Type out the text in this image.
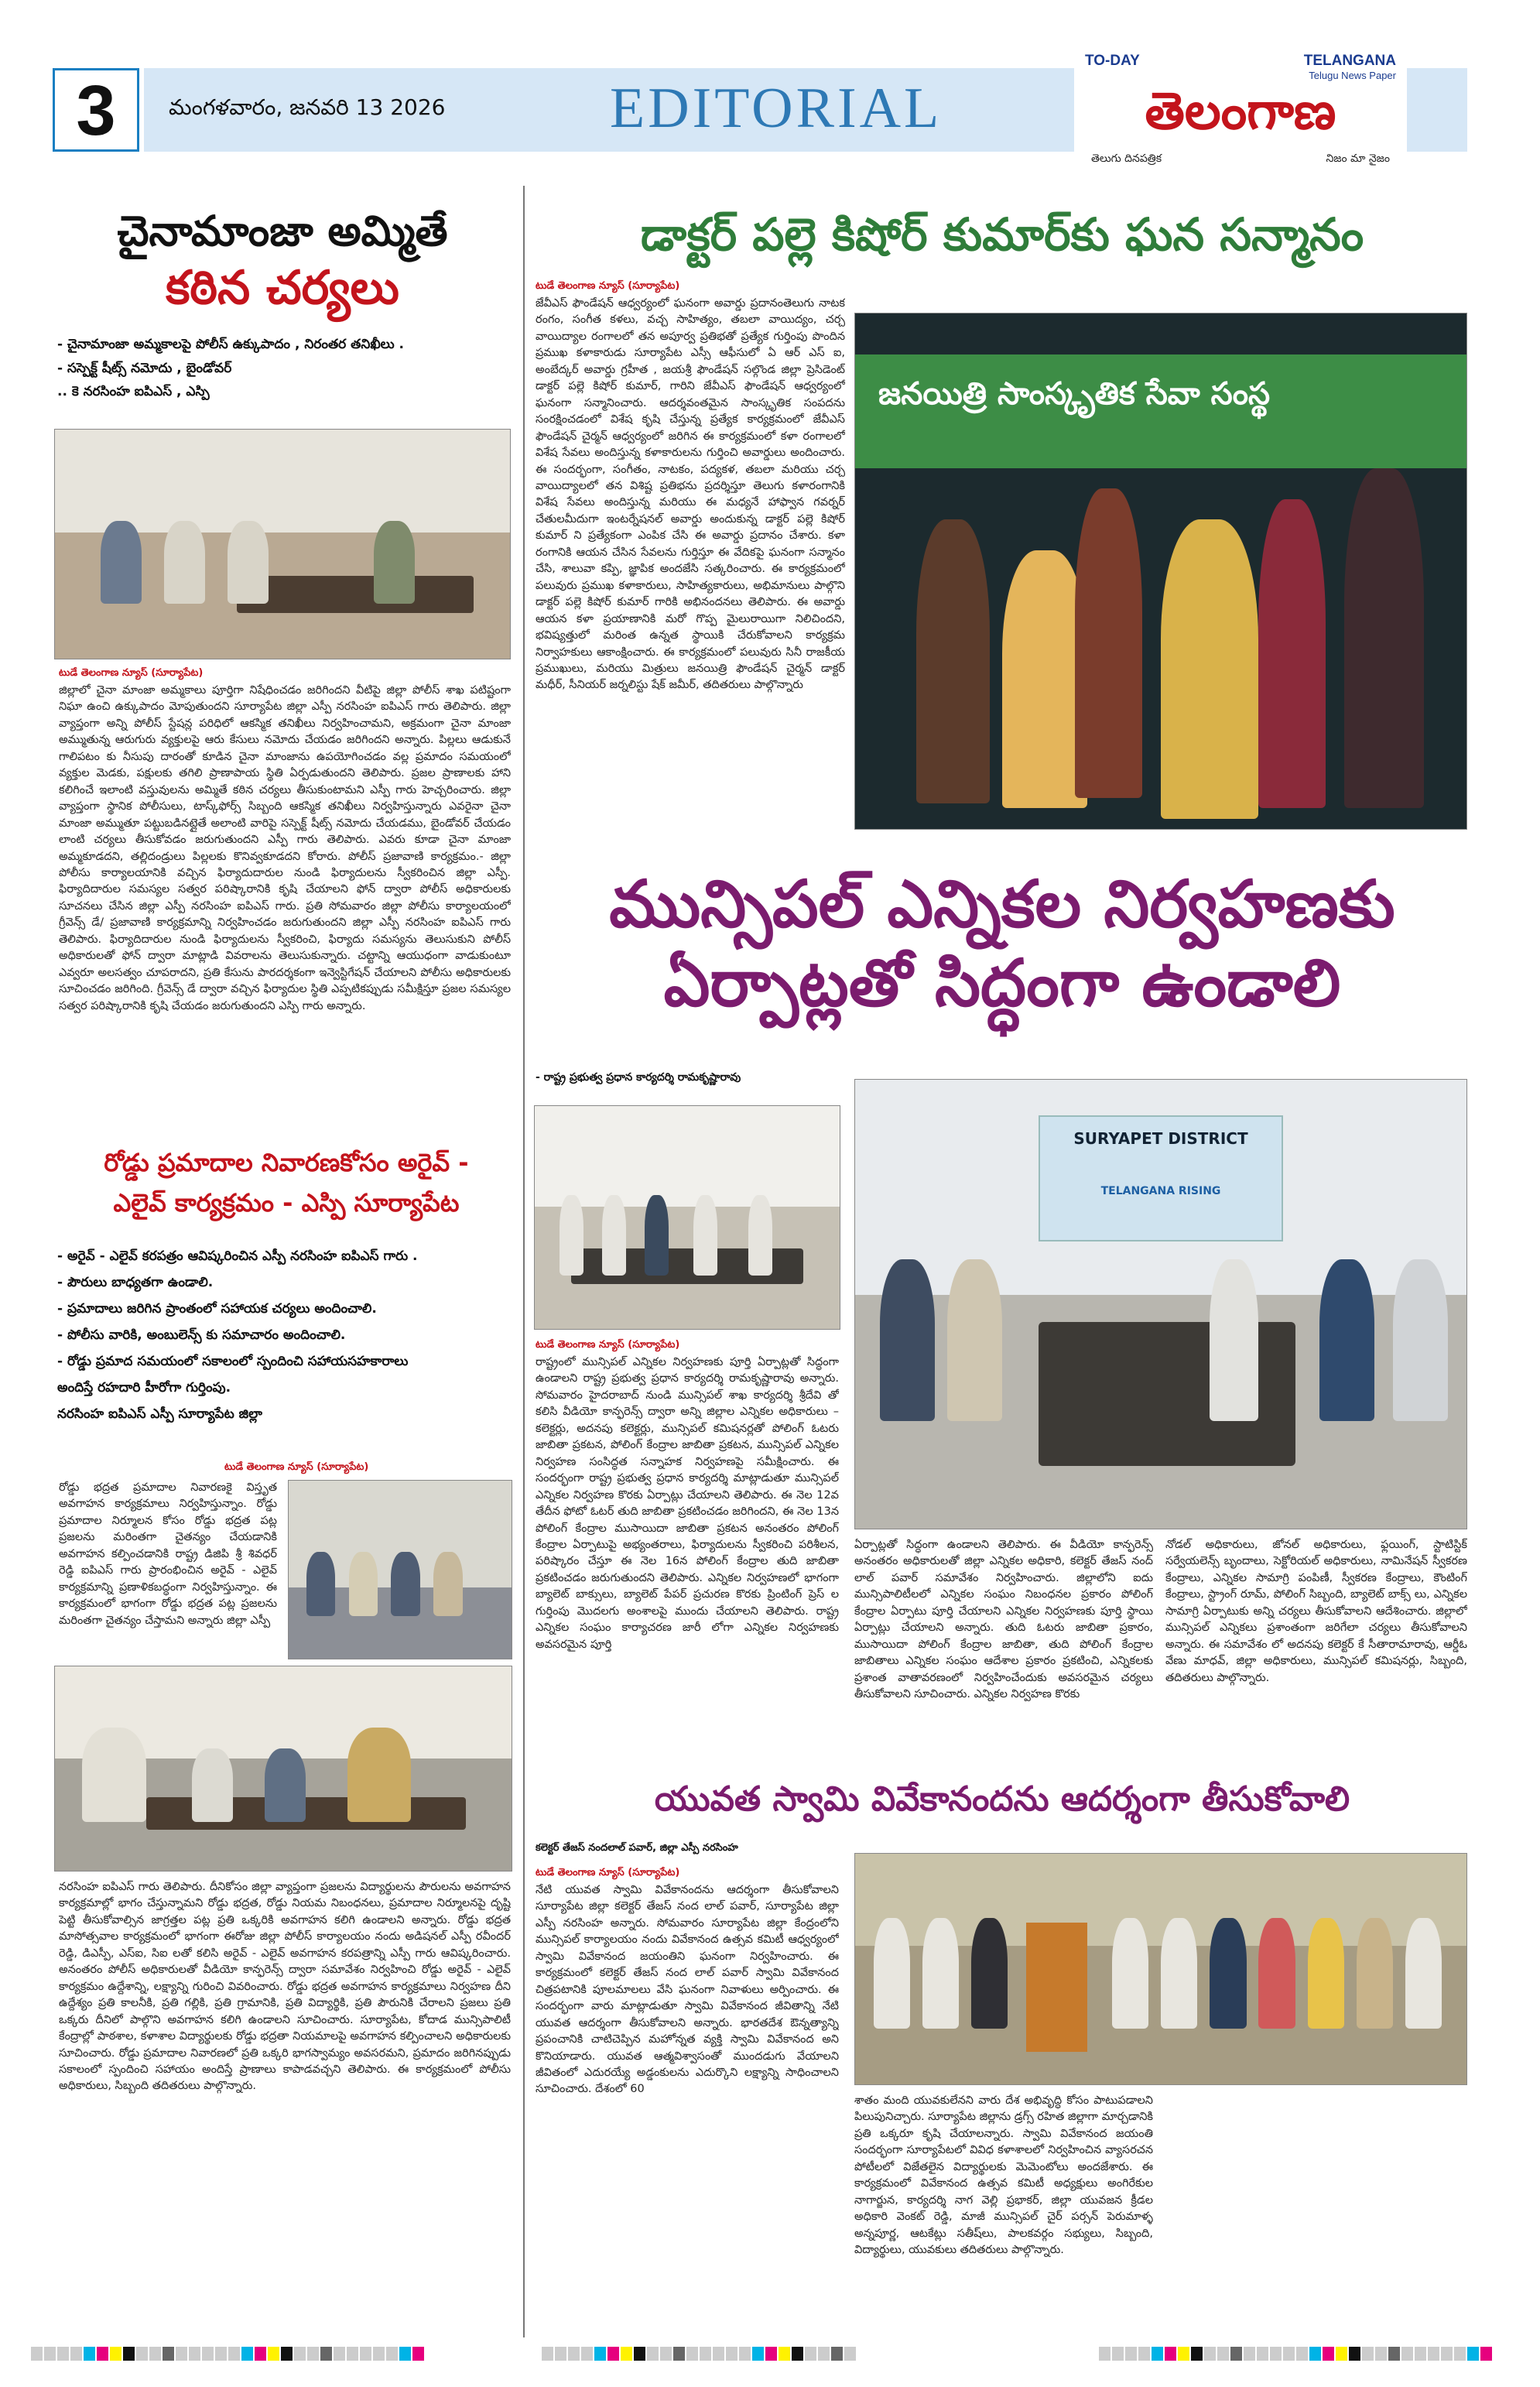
3	మంగళవారం, జనవరి 13 2026	EDITORIAL
TO-DAY	TELANGANA
Telugu News Paper
తెలంగాణ
తెలుగు దినపత్రిక	నిజం మా నైజం
చైనామాంజా అమ్మితే
కఠిన చర్యలు
- చైనామాంజా అమ్మకాలపై పోలీస్ ఉక్కుపాదం , నిరంతర తనిఖీలు .
- సస్పెక్ట్ షీట్స్ నమోదు , బైండోవర్
.. కె నరసింహ ఐపిఎస్ , ఎస్పి
టుడే తెలంగాణ న్యూస్ (సూర్యాపేట)
జిల్లాలో చైనా మాంజా అమ్మకాలు పూర్తిగా నిషేధించడం జరిగిందని వీటిపై జిల్లా పోలీస్ శాఖ పటిష్టంగా నిఘా ఉంచి ఉక్కుపాదం మోపుతుందని సూర్యాపేట జిల్లా ఎస్పీ నరసింహ ఐపిఎస్ గారు తెలిపారు. జిల్లా వ్యాప్తంగా అన్ని పోలీస్ స్టేషన్ల పరిధిలో ఆకస్మిక తనిఖీలు నిర్వహించామని, అక్రమంగా చైనా మాంజా అమ్ముతున్న ఆరుగురు వ్యక్తులపై ఆరు కేసులు నమోదు చేయడం జరిగిందని అన్నారు. పిల్లలు ఆడుకునే గాలిపటం కు నీసుపు దారంతో కూడిన చైనా మాంజాను ఉపయోగించడం వల్ల ప్రమాదం సమయంలో వ్యక్తుల మెడకు, పక్షులకు తగిలి ప్రాణాపాయ స్థితి ఏర్పడుతుందని తెలిపారు. ప్రజల ప్రాణాలకు హాని కలిగించే ఇలాంటి వస్తువులను అమ్మితే కఠిన చర్యలు తీసుకుంటామని ఎస్పీ గారు హెచ్చరించారు. జిల్లా వ్యాప్తంగా స్థానిక పోలీసులు, టాస్క్‌ఫోర్స్ సిబ్బంది ఆకస్మిక తనిఖీలు నిర్వహిస్తున్నారు ఎవరైనా చైనా మాంజా అమ్ముతూ పట్టుబడినట్లైతే అలాంటి వారిపై సస్పెక్ట్ షీట్స్ నమోదు చేయడము, బైండోవర్ చేయడం లాంటి చర్యలు తీసుకోవడం జరుగుతుందని ఎస్పీ గారు తెలిపారు. ఎవరు కూడా చైనా మాంజా అమ్మకూడదని, తల్లిదండ్రులు పిల్లలకు కొనివ్వకూడదని కోరారు. పోలీస్ ప్రజావాణి కార్యక్రమం.- జిల్లా పోలీసు కార్యాలయానికి వచ్చిన ఫిర్యాదుదారుల నుండి ఫిర్యాదులను స్వీకరించిన జిల్లా ఎస్పీ. ఫిర్యాదిదారుల సమస్యల సత్వర పరిష్కారానికి కృషి చేయాలని ఫోన్ ద్వారా పోలీస్ అధికారులకు సూచనలు చేసిన జిల్లా ఎస్పీ నరసింహ ఐపిఎస్ గారు. ప్రతి సోమవారం జిల్లా పోలీసు కార్యాలయంలో గ్రీవెన్స్ డే/ ప్రజావాణి కార్యక్రమాన్ని నిర్వహించడం జరుగుతుందని జిల్లా ఎస్పీ నరసింహ ఐపిఎస్ గారు తెలిపారు. ఫిర్యాదిదారుల నుండి ఫిర్యాదులను స్వీకరించి, ఫిర్యాదు సమస్యను తెలుసుకుని పోలీస్ అధికారులతో ఫోన్ ద్వారా మాట్లాడి వివరాలను తెలుసుకున్నారు. చట్టాన్ని ఆయుధంగా వాడుకుంటూ ఎవ్వరూ అలసత్వం చూపరాదని, ప్రతి కేసును పారదర్శకంగా ఇన్వెస్టిగేషన్ చేయాలని పోలీసు అధికారులకు సూచించడం జరిగింది. గ్రీవెన్స్ డే ద్వారా వచ్చిన ఫిర్యాదుల స్థితి ఎప్పటికప్పుడు సమీక్షిస్తూ ప్రజల సమస్యల సత్వర పరిష్కారానికి కృషి చేయడం జరుగుతుందని ఎస్పి గారు అన్నారు.
రోడ్డు ప్రమాదాల నివారణకోసం అరైవ్ -
ఎలైవ్ కార్యక్రమం - ఎస్పి సూర్యాపేట
- అరైవ్ - ఎలైవ్ కరపత్రం ఆవిష్కరించిన ఎస్పీ నరసింహ ఐపిఎస్ గారు .
- పౌరులు బాధ్యతగా ఉండాలి.
- ప్రమాదాలు జరిగిన ప్రాంతంలో సహాయక చర్యలు అందించాలి.
- పోలీసు వారికి, అంబులెన్స్ కు సమాచారం అందించాలి.
- రోడ్డు ప్రమాద సమయంలో సకాలంలో స్పందించి సహాయసహకారాలు
అందిస్తే రహదారి హీరోగా గుర్తింపు.
నరసింహ ఐపిఎస్ ఎస్పీ సూర్యాపేట జిల్లా
టుడే తెలంగాణ న్యూస్ (సూర్యాపేట)
రోడ్డు భద్రత ప్రమాదాల నివారణకై విస్తృత అవగాహన కార్యక్రమాలు నిర్వహిస్తున్నాం. రోడ్డు ప్రమాదాల నిర్మూలన కోసం రోడ్డు భద్రత పట్ల ప్రజలను మరింతగా చైతన్యం చేయడానికి అవగాహన కల్పించడానికి రాష్ట్ర డిజిపి శ్రీ శివధర్ రెడ్డి ఐపిఎస్ గారు ప్రారంభించిన అరైవ్ - ఎలైవ్ కార్యక్రమాన్ని ప్రణాళికబద్ధంగా నిర్వహిస్తున్నాం. ఈ కార్యక్రమంలో భాగంగా రోడ్డు భద్రత పట్ల ప్రజలను మరింతగా చైతన్యం చేస్తామని అన్నారు జిల్లా ఎస్పీ
నరసింహ ఐపిఎస్ గారు తెలిపారు. దీనికోసం జిల్లా వ్యాప్తంగా ప్రజలను విద్యార్థులను పౌరులను అవగాహన కార్యక్రమాల్లో భాగం చేస్తున్నామని రోడ్డు భద్రత, రోడ్డు నియమ నిబంధనలు, ప్రమాదాల నిర్మూలనపై దృష్టి పెట్టి తీసుకోవాల్సిన జాగ్రత్తల పట్ల ప్రతి ఒక్కరికి అవగాహన కలిగి ఉండాలని అన్నారు. రోడ్డు భద్రత మాసోత్సవాల కార్యక్రమంలో భాగంగా ఈరోజు జిల్లా పోలీస్ కార్యాలయం నందు అడిషనల్ ఎస్పీ రవీందర్ రెడ్డి, డిఎస్పీ, ఎస్ఐ, సిఐ లతో కలిసి అరైవ్ - ఎలైవ్ అవగాహన కరపత్రాన్ని ఎస్పీ గారు ఆవిష్కరించారు. అనంతరం పోలీస్ అధికారులతో వీడియో కాన్ఫరెన్స్ ద్వారా సమావేశం నిర్వహించి రోడ్డు అరైవ్ - ఎలైవ్ కార్యక్రమం ఉద్దేశాన్ని, లక్ష్యాన్ని గురించి వివరించారు. రోడ్డు భద్రత అవగాహన కార్యక్రమాలు నిర్వహణ దీని ఉద్దేశ్యం ప్రతి కాలనీకి, ప్రతి గల్లికి, ప్రతి గ్రామానికి, ప్రతి విద్యార్థికి, ప్రతి పౌరునికి చేరాలని ప్రజలు ప్రతి ఒక్కరు దీనిలో పాల్గొని అవగాహన కలిగి ఉండాలని సూచించారు. సూర్యాపేట, కోదాడ మున్సిపాలిటీ కేంద్రాల్లో పాఠశాల, కళాశాల విద్యార్థులకు రోడ్డు భద్రతా నియమాలపై అవగాహన కల్పించాలని అధికారులకు సూచించారు. రోడ్డు ప్రమాదాల నివారణలో ప్రతి ఒక్కరి భాగస్వామ్యం అవసరమని, ప్రమాదం జరిగినప్పుడు సకాలంలో స్పందించి సహాయం అందిస్తే ప్రాణాలు కాపాడవచ్చని తెలిపారు. ఈ కార్యక్రమంలో పోలీసు అధికారులు, సిబ్బంది తదితరులు పాల్గొన్నారు.
డాక్టర్ పల్లె కిషోర్ కుమార్‌కు ఘన సన్మానం
టుడే తెలంగాణ న్యూస్ (సూర్యాపేట)
జేవీఎస్ ఫౌండేషన్ ఆధ్వర్యంలో ఘనంగా అవార్డు ప్రదానంతెలుగు నాటక రంగం, సంగీత కళలు, వచ్చ సాహిత్యం, తబలా వాయిద్యం, చర్చ వాయిద్యాల రంగాలలో తన అపూర్వ ప్రతిభతో ప్రత్యేక గుర్తింపు పొందిన ప్రముఖ కళాకారుడు సూర్యాపేట ఎస్సీ ఆఫీసులో ఏ ఆర్ ఎస్ ఐ, అంబేద్కర్ అవార్డు గ్రహీత , జయశ్రీ ఫౌండేషన్ సల్గొండ జిల్లా ప్రెసిడెంట్ డాక్టర్ పల్లె కిషోర్ కుమార్, గారిని జేవీఎస్ ఫౌండేషన్ ఆధ్వర్యంలో ఘనంగా సన్మానించారు. ఆదర్శవంతమైన సాంస్కృతిక సంపదను సంరక్షించడంలో విశేష కృషి చేస్తున్న ప్రత్యేక కార్యక్రమంలో జేవీఎస్ ఫౌండేషన్ చైర్మన్ ఆధ్వర్యంలో జరిగిన ఈ కార్యక్రమంలో కళా రంగాలలో విశేష సేవలు అందిస్తున్న కళాకారులను గుర్తించి అవార్డులు అందించారు. ఈ సందర్భంగా, సంగీతం, నాటకం, పద్యకళ, తబలా మరియు చర్చ వాయిద్యాలలో తన విశిష్ట ప్రతిభను ప్రదర్శిస్తూ తెలుగు కళారంగానికి విశేష సేవలు అందిస్తున్న మరియు ఈ మధ్యనే హాఫ్వాన గవర్నర్ చేతులమీదుగా ఇంటర్నేషనల్ అవార్డు అందుకున్న డాక్టర్ పల్లె కిషోర్ కుమార్ ని ప్రత్యేకంగా ఎంపిక చేసి ఈ అవార్డు ప్రదానం చేశారు. కళా రంగానికి ఆయన చేసిన సేవలను గుర్తిస్తూ ఈ వేదికపై ఘనంగా సన్మానం చేసి, శాలువా కప్పి, జ్ఞాపిక అందజేసి సత్కరించారు. ఈ కార్యక్రమంలో పలువురు ప్రముఖ కళాకారులు, సాహిత్యకారులు, అభిమానులు పాల్గొని డాక్టర్ పల్లె కిషోర్ కుమార్ గారికి అభినందనలు తెలిపారు. ఈ అవార్డు ఆయన కళా ప్రయాణానికి మరో గొప్ప మైలురాయిగా నిలిచిందని, భవిష్యత్తులో మరింత ఉన్నత స్థాయికి చేరుకోవాలని కార్యక్రమ నిర్వాహకులు ఆకాంక్షించారు. ఈ కార్యక్రమంలో పలువురు సినీ రాజకీయ ప్రముఖులు, మరియు మిత్రులు జనయిత్రి ఫౌండేషన్ చైర్మన్ డాక్టర్ మధీర్, సీనియర్ జర్నలిస్టు షేక్ జమీర్, తదితరులు పాల్గొన్నారు
జనయిత్రి సాంస్కృతిక సేవా సంస్థ
మున్సిపల్ ఎన్నికల నిర్వహణకు
ఏర్పాట్లతో సిద్ధంగా ఉండాలి
- రాష్ట్ర ప్రభుత్వ ప్రధాన కార్యదర్శి రామకృష్ణారావు
SURYAPET DISTRICT
TELANGANA RISING
టుడే తెలంగాణ న్యూస్ (సూర్యాపేట)
రాష్ట్రంలో మున్సిపల్ ఎన్నికల నిర్వహణకు పూర్తి ఏర్పాట్లతో సిద్ధంగా ఉండాలని రాష్ట్ర ప్రభుత్వ ప్రధాన కార్యదర్శి రామకృష్ణారావు అన్నారు. సోమవారం హైదరాబాద్ నుండి మున్సిపల్ శాఖ కార్యదర్శి శ్రీదేవి తో కలిసి వీడియో కాన్ఫరెన్స్ ద్వారా అన్ని జిల్లాల ఎన్నికల అధికారులు – కలెక్టర్లు, అదనపు కలెక్టర్లు, మున్సిపల్ కమిషనర్లతో పోలింగ్ ఓటరు జాబితా ప్రకటన, పోలింగ్ కేంద్రాల జాబితా ప్రకటన, మున్సిపల్ ఎన్నికల నిర్వహణ సంసిద్ధత సన్నాహక నిర్వహణపై సమీక్షించారు. ఈ సందర్భంగా రాష్ట్ర ప్రభుత్వ ప్రధాన కార్యదర్శి మాట్లాడుతూ మున్సిపల్ ఎన్నికల నిర్వహణ కొరకు ఏర్పాట్లు చేయాలని తెలిపారు. ఈ నెల 12వ తేదీన ఫోటో ఓటర్ తుది జాబితా ప్రకటించడం జరిగిందని, ఈ నెల 13న పోలింగ్ కేంద్రాల ముసాయిదా జాబితా ప్రకటన అనంతరం పోలింగ్ కేంద్రాల ఏర్పాటుపై అభ్యంతరాలు, ఫిర్యాదులను స్వీకరించి పరిశీలన, పరిష్కారం చేస్తూ ఈ నెల 16న పోలింగ్ కేంద్రాల తుది జాబితా ప్రకటించడం జరుగుతుందని తెలిపారు. ఎన్నికల నిర్వహణలో భాగంగా బ్యాలెట్ బాక్సులు, బ్యాలెట్ పేపర్ ప్రచురణ కొరకు ప్రింటింగ్ ప్రెస్ ల గుర్తింపు మొదలగు అంశాలపై ముందు చేయాలని తెలిపారు. రాష్ట్ర ఎన్నికల సంఘం కార్యాచరణ జారీ లోగా ఎన్నికల నిర్వహణకు అవసరమైన పూర్తి
ఏర్పాట్లతో సిద్ధంగా ఉండాలని తెలిపారు. ఈ వీడియో కాన్ఫరెన్స్ అనంతరం అధికారులతో జిల్లా ఎన్నికల అధికారి, కలెక్టర్ తేజస్ నంద్ లాల్ పవార్ సమావేశం నిర్వహించారు. జిల్లాలోని ఐదు మున్సిపాలిటీలలో ఎన్నికల సంఘం నిబంధనల ప్రకారం పోలింగ్ కేంద్రాల ఏర్పాటు పూర్తి చేయాలని ఎన్నికల నిర్వహణకు పూర్తి స్థాయి ఏర్పాట్లు చేయాలని అన్నారు. తుది ఓటరు జాబితా ప్రకారం, ముసాయిదా పోలింగ్ కేంద్రాల జాబితా, తుది పోలింగ్ కేంద్రాల జాబితాలు ఎన్నికల సంఘం ఆదేశాల ప్రకారం ప్రకటించి, ఎన్నికలకు ప్రశాంత వాతావరణంలో నిర్వహించేందుకు అవసరమైన చర్యలు తీసుకోవాలని సూచించారు. ఎన్నికల నిర్వహణ కొరకు
నోడల్ అధికారులు, జోనల్ అధికారులు, ఫ్లయింగ్, స్టాటిస్టిక్ సర్వేయలెన్స్ బృందాలు, సెక్టోరియల్ అధికారులు, నామినేషన్ స్వీకరణ కేంద్రాలు, ఎన్నికల సామాగ్రి పంపిణీ, స్వీకరణ కేంద్రాలు, కౌంటింగ్ కేంద్రాలు, స్ట్రాంగ్ రూమ్, పోలింగ్ సిబ్బంది, బ్యాలెట్ బాక్స్ లు, ఎన్నికల సామాగ్రి ఏర్పాటుకు అన్ని చర్యలు తీసుకోవాలని ఆదేశించారు. జిల్లాలో మున్సిపల్ ఎన్నికలు ప్రశాంతంగా జరిగేలా చర్యలు తీసుకోవాలని అన్నారు. ఈ సమావేశం లో అదనపు కలెక్టర్ కే సీతారామారావు, ఆర్డీఓ వేణు మాధవ్, జిల్లా అధికారులు, మున్సిపల్ కమిషనర్లు, సిబ్బంది, తదితరులు పాల్గొన్నారు.
యువత స్వామి వివేకానందను ఆదర్శంగా తీసుకోవాలి
కలెక్టర్ తేజస్ నందలాల్ పవార్, జిల్లా ఎస్పీ నరసింహ
టుడే తెలంగాణ న్యూస్ (సూర్యాపేట)
నేటి యువత స్వామి వివేకానందను ఆదర్శంగా తీసుకోవాలని సూర్యాపేట జిల్లా కలెక్టర్ తేజస్ నంద లాల్ పవార్, సూర్యాపేట జిల్లా ఎస్పీ నరసింహ అన్నారు. సోమవారం సూర్యాపేట జిల్లా కేంద్రంలోని మున్సిపల్ కార్యాలయం నందు వివేకానంద ఉత్సవ కమిటీ ఆధ్వర్యంలో స్వామి వివేకానంద జయంతిని ఘనంగా నిర్వహించారు. ఈ కార్యక్రమంలో కలెక్టర్ తేజస్ నంద లాల్ పవార్ స్వామి వివేకానంద చిత్రపటానికి పూలమాలలు వేసి ఘనంగా నివాళులు అర్పించారు. ఈ సందర్భంగా వారు మాట్లాడుతూ స్వామి వివేకానంద జీవితాన్ని నేటి యువత ఆదర్శంగా తీసుకోవాలని అన్నారు. భారతదేశ ఔన్నత్యాన్ని ప్రపంచానికి చాటిచెప్పిన మహోన్నత వ్యక్తి స్వామి వివేకానంద అని కొనియాడారు. యువత ఆత్మవిశ్వాసంతో ముందడుగు వేయాలని జీవితంలో ఎదురయ్యే అడ్డంకులను ఎదుర్కొని లక్ష్యాన్ని సాధించాలని సూచించారు. దేశంలో 60
శాతం మంది యువకులేనని వారు దేశ అభివృద్ధి కోసం పాటుపడాలని పిలుపునిచ్చారు. సూర్యాపేట జిల్లాను డ్రగ్స్ రహిత జిల్లాగా మార్చడానికి ప్రతి ఒక్కరూ కృషి చేయాలన్నారు. స్వామి వివేకానంద జయంతి సందర్భంగా సూర్యాపేటలో వివిధ కళాశాలలో నిర్వహించిన వ్యాసరచన పోటీలలో విజేతలైన విద్యార్థులకు మెమెంటోలు అందజేశారు. ఈ కార్యక్రమంలో వివేకానంద ఉత్సవ కమిటీ అధ్యక్షులు అంగిరేకుల నాగార్జున, కార్యదర్శి నాగ వెల్లి ప్రభాకర్, జిల్లా యువజన క్రీడల అధికారి వెంకట్ రెడ్డి, మాజీ మున్సిపల్ చైర్ పర్సన్ పెరుమాళ్ళ అన్నపూర్ణ, ఆటకేట్లు సతీష్‌లు, పాలకవర్గం సభ్యులు, సిబ్బంది, విద్యార్థులు, యువకులు తదితరులు పాల్గొన్నారు.
